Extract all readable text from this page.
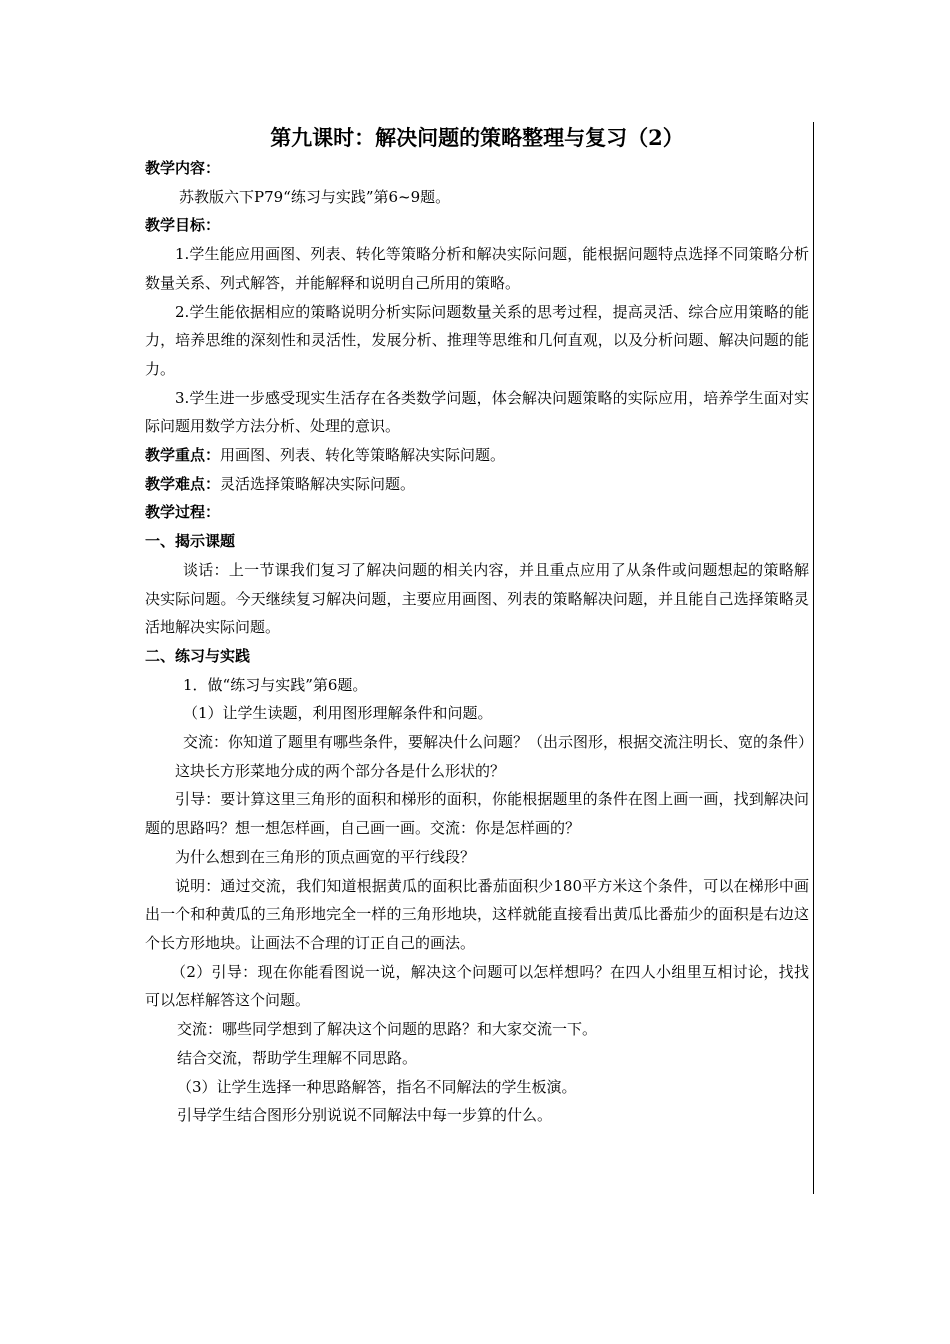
第九课时：解决问题的策略整理与复习（2）

教学内容：

苏教版六下P79“练习与实践”第6~9题。

教学目标：

1.学生能应用画图、列表、转化等策略分析和解决实际问题，能根据问题特点选择不同策略分析数量关系、列式解答，并能解释和说明自己所用的策略。

2.学生能依据相应的策略说明分析实际问题数量关系的思考过程，提高灵活、综合应用策略的能力，培养思维的深刻性和灵活性，发展分析、推理等思维和几何直观，以及分析问题、解决问题的能力。

3.学生进一步感受现实生活存在各类数学问题，体会解决问题策略的实际应用，培养学生面对实际问题用数学方法分析、处理的意识。

教学重点：用画图、列表、转化等策略解决实际问题。

教学难点：灵活选择策略解决实际问题。

教学过程：

一、揭示课题

谈话：上一节课我们复习了解决问题的相关内容，并且重点应用了从条件或问题想起的策略解决实际问题。今天继续复习解决问题，主要应用画图、列表的策略解决问题，并且能自己选择策略灵活地解决实际问题。

二、练习与实践

1．做“练习与实践”第6题。

（1）让学生读题，利用图形理解条件和问题。

交流：你知道了题里有哪些条件，要解决什么问题？（出示图形，根据交流注明长、宽的条件）

这块长方形菜地分成的两个部分各是什么形状的？

引导：要计算这里三角形的面积和梯形的面积，你能根据题里的条件在图上画一画，找到解决问题的思路吗？想一想怎样画，自己画一画。交流：你是怎样画的？

为什么想到在三角形的顶点画宽的平行线段？

说明：通过交流，我们知道根据黄瓜的面积比番茄面积少180平方米这个条件，可以在梯形中画出一个和种黄瓜的三角形地完全一样的三角形地块，这样就能直接看出黄瓜比番茄少的面积是右边这个长方形地块。让画法不合理的订正自己的画法。

（2）引导：现在你能看图说一说，解决这个问题可以怎样想吗？在四人小组里互相讨论，找找可以怎样解答这个问题。

交流：哪些同学想到了解决这个问题的思路？和大家交流一下。

结合交流，帮助学生理解不同思路。

（3）让学生选择一种思路解答，指名不同解法的学生板演。

引导学生结合图形分别说说不同解法中每一步算的什么。
